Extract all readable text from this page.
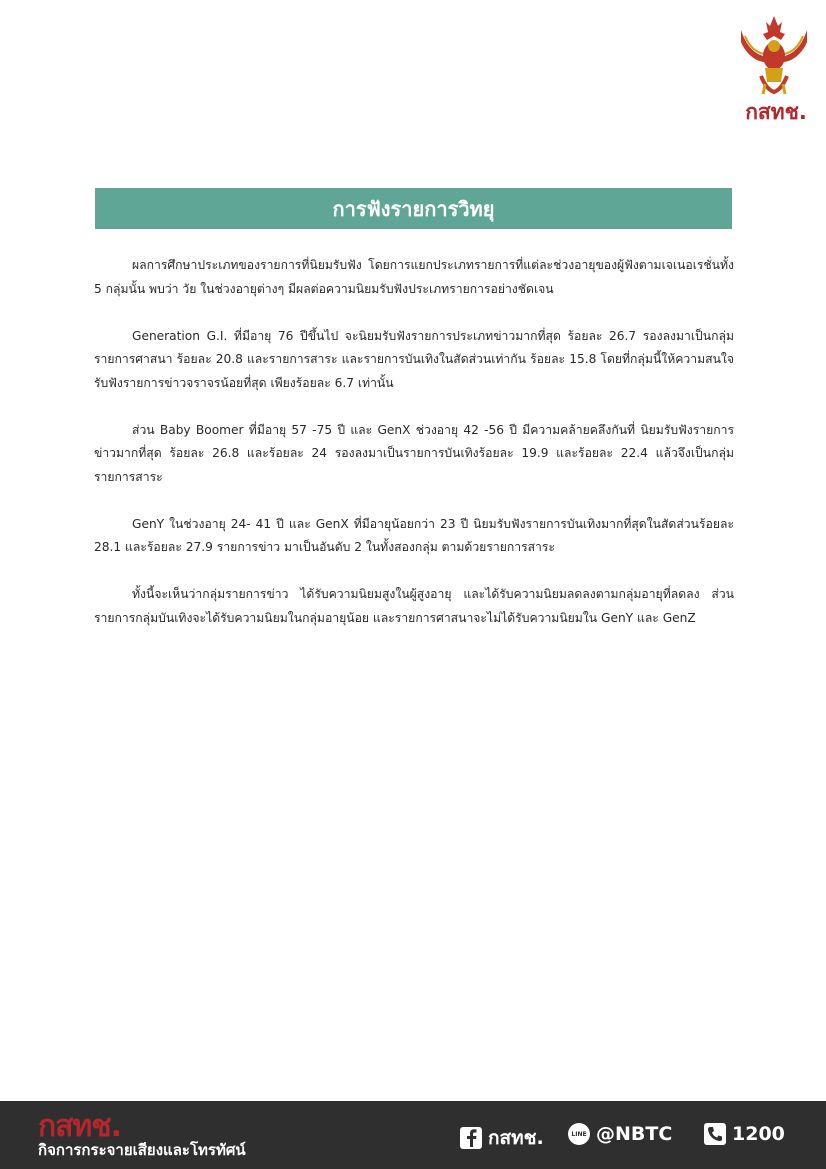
กสทช.
การฟังรายการวิทยุ

ผลการศึกษาประเภทของรายการที่นิยมรับฟัง โดยการแยกประเภทรายการที่แต่ละช่วงอายุของผู้ฟังตามเจเนอเรชั่นทั้ง 5 กลุ่มนั้น พบว่า วัย ในช่วงอายุต่างๆ มีผลต่อความนิยมรับฟังประเภทรายการอย่างชัดเจน

Generation G.I. ที่มีอายุ 76 ปีขึ้นไป จะนิยมรับฟังรายการประเภทข่าวมากที่สุด ร้อยละ 26.7 รองลงมาเป็นกลุ่มรายการศาสนา ร้อยละ 20.8 และรายการสาระ และรายการบันเทิงในสัดส่วนเท่ากัน ร้อยละ 15.8 โดยที่กลุ่มนี้ให้ความสนใจรับฟังรายการข่าวจราจรน้อยที่สุด เพียงร้อยละ 6.7 เท่านั้น

ส่วน Baby Boomer ที่มีอายุ 57 -75 ปี และ GenX ช่วงอายุ 42 -56 ปี มีความคล้ายคลึงกันที่ นิยมรับฟังรายการข่าวมากที่สุด ร้อยละ 26.8 และร้อยละ 24 รองลงมาเป็นรายการบันเทิงร้อยละ 19.9 และร้อยละ 22.4 แล้วจึงเป็นกลุ่มรายการสาระ

GenY ในช่วงอายุ 24- 41 ปี และ GenX ที่มีอายุน้อยกว่า 23 ปี นิยมรับฟังรายการบันเทิงมากที่สุดในสัดส่วนร้อยละ 28.1 และร้อยละ 27.9 รายการข่าว มาเป็นอันดับ 2 ในทั้งสองกลุ่ม ตามด้วยรายการสาระ

ทั้งนี้จะเห็นว่ากลุ่มรายการข่าว ได้รับความนิยมสูงในผู้สูงอายุ และได้รับความนิยมลดลงตามกลุ่มอายุที่ลดลง ส่วนรายการกลุ่มบันเทิงจะได้รับความนิยมในกลุ่มอายุน้อย และรายการศาสนาจะไม่ได้รับความนิยมใน GenY และ GenZ

กสทช.
กิจการกระจายเสียงและโทรทัศน์
กสทช.	LINE @NBTC	1200
